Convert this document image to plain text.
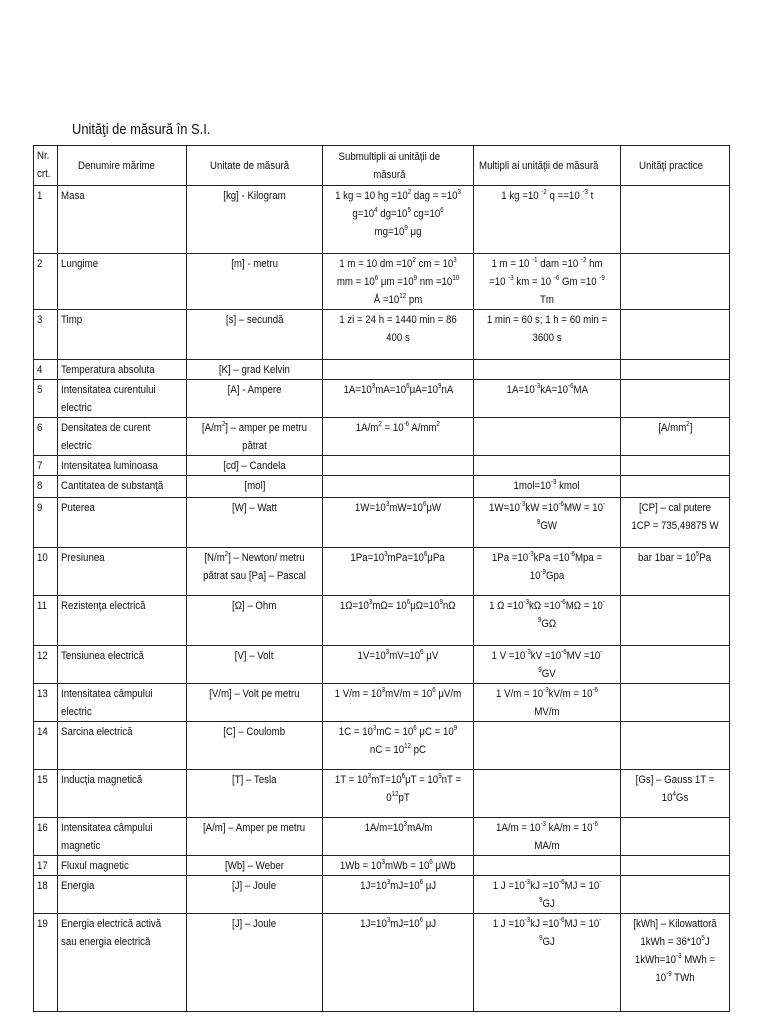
Unităţi de măsură în S.I.
Nr. crt.	Denumire mărime	Unitate de măsură	Submultipli ai unităţii de măsură	Multipli ai unităţii de măsură	Unităţi practice
1	Masa	[kg] - Kilogram	1 kg = 10 hg $=10^2$ dag = $=10^3$ $g=10^4$ $dg=10^5$ $cg=10^6$ $mg=10^9$ μg	1 kg =10 $^{-2}$ q ==10 $^{-3}$ t	
2	Lungime	[m] - metru	1 m = 10 dm $=10^2$ cm = $10^3$ mm = $10^6$ $\mu m =10^9$ nm $=10^{10}$ Å $=10^{12}$ pm	1 m = 10 $^{-1}$ dam =10 $^{-2}$ hm =10 $^{-3}$ km = 10 $^{-6}$ Gm =10 $^{-9}$ Tm	
3	Timp	[s] – secundă	1 zi = 24 h = 1440 min = 86 400 s	1 min = 60 s; 1 h = 60 min = 3600 s	
4	Temperatura absoluta	[K] – grad Kelvin			
5	Intensitatea curentului electric	[A] - Ampere	$1A=10^3mA=10^6\mu A=10^9nA$	$1A=10^{-3}kA=10^{-6}MA$	
6	Densitatea de curent electric	$[A/m^2]$ – amper pe metru pătrat	$1A/m^2 = 10^{-6}$ $A/mm^2$		$[A/mm^2]$
7	Intensitatea luminoasa	[cd] – Candela			
8	Cantitatea de substanţă	[mol]		$1mol=10^{-3}$ kmol	
9	Puterea	[W] – Watt	$1W=10^3mW=10^6\mu W$	$1W=10^{-3}kW =10^{-6}MW = 10^{-9}GW$	[CP] – cal putere 1CP = 735,49875 W
10	Presiunea	$[N/m^2]$ – Newton/ metru pătrat sau [Pa] – Pascal	$1Pa=10^3mPa=10^6\mu Pa$	$1Pa =10^{-3}kPa =10^{-6}Mpa = 10^{-9}Gpa$	bar $1bar = 10^5Pa$
11	Rezistenţa electrică	[Ω] – Ohm	$1\Omega=10^3m\Omega= 10^6\mu\Omega=10^9n\Omega$	1 $\Omega =10^{-3}k\Omega =10^{-6}M\Omega = 10^{-9}G\Omega$	
12	Tensiunea electrică	[V] – Volt	$1V=10^3mV=10^6$ μV	1 $V =10^{-3}kV =10^{-6}MV =10^{-9}GV$	
13	Intensitatea câmpului electric	[V/m] – Volt pe metru	1 $V/m = 10^3mV/m = 10^6$ μV/m	1 $V/m = 10^{-3}kV/m = 10^{-6}$ MV/m	
14	Sarcina electrică	[C] – Coulomb	$1C = 10^3mC = 10^6$ $\mu C = 10^9$ nC = $10^{12}$ pC		
15	Inducţia magnetică	[T] – Tesla	$1T = 10^3mT=10^6\mu T = 10^9nT = 0^{12}pT$		[Gs] – Gauss $1T = 10^4Gs$
16	Intensitatea câmpului magnetic	[A/m] – Amper pe metru	$1A/m=10^3mA/m$	$1A/m = 10^{-3}$ $kA/m = 10^{-6}$ MA/m	
17	Fluxul magnetic	[Wb] – Weber	$1Wb = 10^3mWb = 10^6$ μWb		
18	Energia	[J] – Joule	$1J=10^3mJ=10^6$ μJ	1 $J =10^{-3}kJ =10^{-6}MJ = 10^{-9}GJ$	
19	Energia electrică activă sau energia electrică	[J] – Joule	$1J=10^3mJ=10^6$ μJ	1 $J =10^{-3}kJ =10^{-6}MJ = 10^{-9}GJ$	[kWh] – Kilowattoră $1kWh = 36*10^5J$ $1kWh=10^{-3}$ MWh = $10^{-9}$ TWh
